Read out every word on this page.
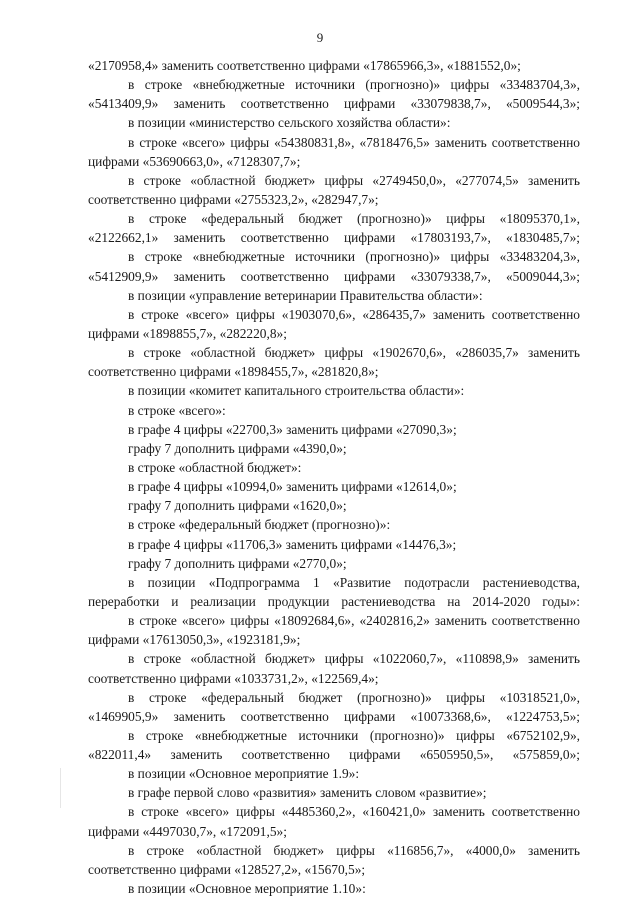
9
«2170958,4» заменить соответственно цифрами «17865966,3», «1881552,0»;
в строке «внебюджетные источники (прогнозно)» цифры «33483704,3»,
«5413409,9» заменить соответственно цифрами «33079838,7», «5009544,3»;
в позиции «министерство сельского хозяйства области»:
в строке «всего» цифры «54380831,8», «7818476,5» заменить соответственно
цифрами «53690663,0», «7128307,7»;
в строке «областной бюджет» цифры «2749450,0», «277074,5» заменить
соответственно цифрами «2755323,2», «282947,7»;
в строке «федеральный бюджет (прогнозно)» цифры «18095370,1»,
«2122662,1» заменить соответственно цифрами «17803193,7», «1830485,7»;
в строке «внебюджетные источники (прогнозно)» цифры «33483204,3»,
«5412909,9» заменить соответственно цифрами «33079338,7», «5009044,3»;
в позиции «управление ветеринарии Правительства области»:
в строке «всего» цифры «1903070,6», «286435,7» заменить соответственно
цифрами «1898855,7», «282220,8»;
в строке «областной бюджет» цифры «1902670,6», «286035,7» заменить
соответственно цифрами «1898455,7», «281820,8»;
в позиции «комитет капитального строительства области»:
в строке «всего»:
в графе 4 цифры «22700,3» заменить цифрами «27090,3»;
графу 7 дополнить цифрами «4390,0»;
в строке «областной бюджет»:
в графе 4 цифры «10994,0» заменить цифрами «12614,0»;
графу 7 дополнить цифрами «1620,0»;
в строке «федеральный бюджет (прогнозно)»:
в графе 4 цифры «11706,3» заменить цифрами «14476,3»;
графу 7 дополнить цифрами «2770,0»;
в позиции «Подпрограмма 1 «Развитие подотрасли растениеводства,
переработки и реализации продукции растениеводства на 2014-2020 годы»:
в строке «всего» цифры «18092684,6», «2402816,2» заменить соответственно
цифрами «17613050,3», «1923181,9»;
в строке «областной бюджет» цифры «1022060,7», «110898,9» заменить
соответственно цифрами «1033731,2», «122569,4»;
в строке «федеральный бюджет (прогнозно)» цифры «10318521,0»,
«1469905,9» заменить соответственно цифрами «10073368,6», «1224753,5»;
в строке «внебюджетные источники (прогнозно)» цифры «6752102,9»,
«822011,4» заменить соответственно цифрами «6505950,5», «575859,0»;
в позиции «Основное мероприятие 1.9»:
в графе первой слово «развития» заменить словом «развитие»;
в строке «всего» цифры «4485360,2», «160421,0» заменить соответственно
цифрами «4497030,7», «172091,5»;
в строке «областной бюджет» цифры «116856,7», «4000,0» заменить
соответственно цифрами «128527,2», «15670,5»;
в позиции «Основное мероприятие 1.10»:
